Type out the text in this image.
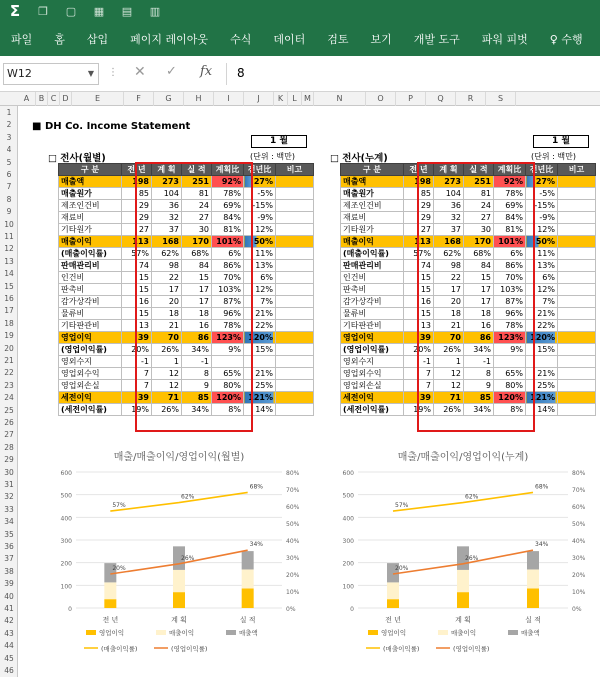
Σ ❐ ▢ ▦ ▤ ▥
파일	홈	삽입	페이지 레이아웃	수식	데이터	검토	보기	개발 도구	파워 피벗	♀ 수행
W12	▼ ⋮ ✕ ✓ fx	8
A	B C D	E	F	G	H	I	J	K	L M	N	O	P	Q	R	S
1
2
3
4
5
6
7
8
9
10
11
12
13
14
15
16
17
18
19
20
21
22
23
24
25
26
27
28
29
30
31
32
33
34
35
36
37
38
39
40
41
42
43
44
45
46
■ DH Co. Income Statement
1 월	1 월
□ 전사(월별)	(단위 : 백만)	□ 전사(누계)	(단위 : 백만)
구 분	전 년	계 획	실 적	계획比	전년比	비고
매출액	198	273	251	92%	27%	
매출원가	85	104	81	78%	-5%	
제조인건비	29	36	24	69%	-15%	
재료비	29	32	27	84%	-9%	
기타원가	27	37	30	81%	12%	
매출이익	113	168	170	101%	50%	
(매출이익률)	57%	62%	68%	6%	11%	
판매관리비	74	98	84	86%	13%	
인건비	15	22	15	70%	6%	
판촉비	15	17	17	103%	12%	
감가상각비	16	20	17	87%	7%	
물류비	15	18	18	96%	21%	
기타판관비	13	21	16	78%	22%	
영업이익	39	70	86	123%	120%	
(영업이익률)	20%	26%	34%	9%	15%	
영외수지	-1	1	-1			
영업외수익	7	12	8	65%	21%	
영업외손실	7	12	9	80%	25%	
세전이익	39	71	85	120%	121%	
(세전이익률)	19%	26%	34%	8%	14%	
구 분	전 년	계 획	실 적	계획比	전년比	비고
매출액	198	273	251	92%	27%	
매출원가	85	104	81	78%	-5%	
제조인건비	29	36	24	69%	-15%	
재료비	29	32	27	84%	-9%	
기타원가	27	37	30	81%	12%	
매출이익	113	168	170	101%	50%	
(매출이익률)	57%	62%	68%	6%	11%	
판매관리비	74	98	84	86%	13%	
인건비	15	22	15	70%	6%	
판촉비	15	17	17	103%	12%	
감가상각비	16	20	17	87%	7%	
물류비	15	18	18	96%	21%	
기타판관비	13	21	16	78%	22%	
영업이익	39	70	86	123%	120%	
(영업이익률)	20%	26%	34%	9%	15%	
영외수지	-1	1	-1			
영업외수익	7	12	8	65%	21%	
영업외손실	7	12	9	80%	25%	
세전이익	39	71	85	120%	121%	
(세전이익률)	19%	26%	34%	8%	14%	
매출/매출이익/영업이익(월별)
0
100
200
300
400
500
600
0%
10%
20%
30%
40%
50%
60%
70%
80%
전 년	계 획	실 적
57%
62%
68%
20%
26%
34%
영업이익	매출이익	매출액
(매출이익률)	(영업이익률)
매출/매출이익/영업이익(누계)
0
100
200
300
400
500
600
0%
10%
20%
30%
40%
50%
60%
70%
80%
전 년	계 획	실 적
57%
62%
68%
20%
26%
34%
영업이익	매출이익	매출액
(매출이익률)	(영업이익률)
